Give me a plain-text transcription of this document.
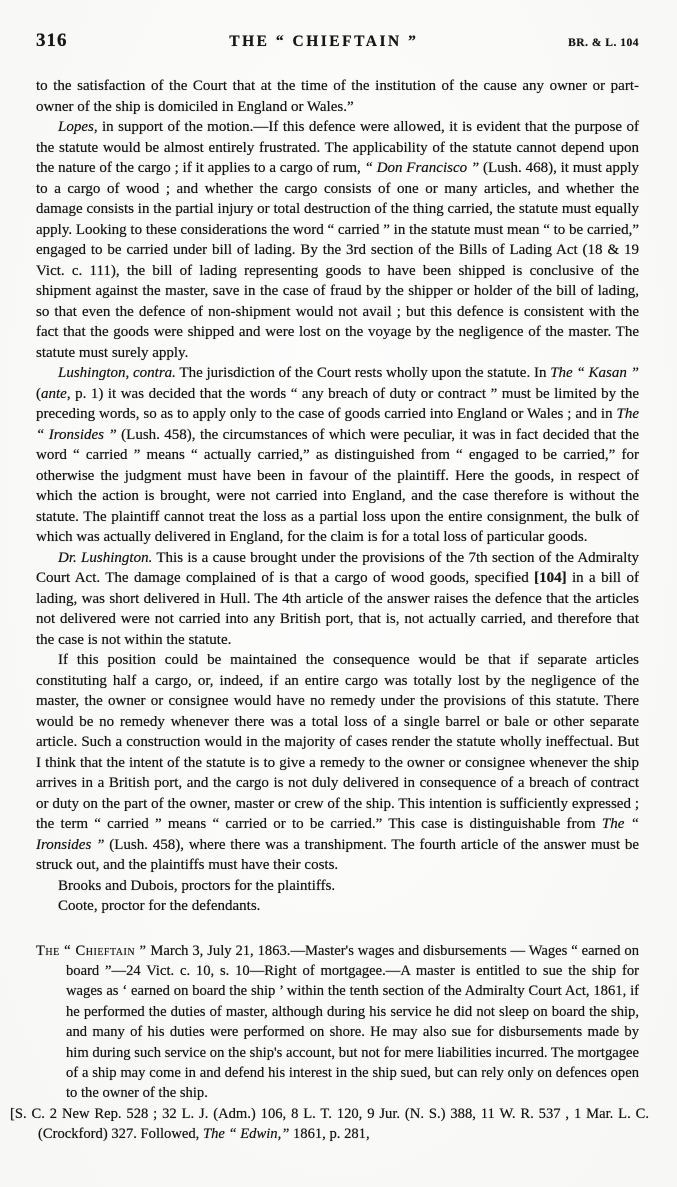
316	THE “ CHIEFTAIN ”	BR. & L. 104

to the satisfaction of the Court that at the time of the institution of the cause any owner or part-owner of the ship is domiciled in England or Wales.”

Lopes, in support of the motion.—If this defence were allowed, it is evident that the purpose of the statute would be almost entirely frustrated. The applicability of the statute cannot depend upon the nature of the cargo ; if it applies to a cargo of rum, “ Don Francisco ” (Lush. 468), it must apply to a cargo of wood ; and whether the cargo consists of one or many articles, and whether the damage consists in the partial injury or total destruction of the thing carried, the statute must equally apply. Looking to these considerations the word “ carried ” in the statute must mean “ to be carried,” engaged to be carried under bill of lading. By the 3rd section of the Bills of Lading Act (18 & 19 Vict. c. 111), the bill of lading representing goods to have been shipped is conclusive of the shipment against the master, save in the case of fraud by the shipper or holder of the bill of lading, so that even the defence of non-shipment would not avail ; but this defence is consistent with the fact that the goods were shipped and were lost on the voyage by the negligence of the master. The statute must surely apply.

Lushington, contra. The jurisdiction of the Court rests wholly upon the statute. In The “ Kasan ” (ante, p. 1) it was decided that the words “ any breach of duty or contract ” must be limited by the preceding words, so as to apply only to the case of goods carried into England or Wales ; and in The “ Ironsides ” (Lush. 458), the circumstances of which were peculiar, it was in fact decided that the word “ carried ” means “ actually carried,” as distinguished from “ engaged to be carried,” for otherwise the judgment must have been in favour of the plaintiff. Here the goods, in respect of which the action is brought, were not carried into England, and the case therefore is without the statute. The plaintiff cannot treat the loss as a partial loss upon the entire consignment, the bulk of which was actually delivered in England, for the claim is for a total loss of particular goods.

Dr. Lushington. This is a cause brought under the provisions of the 7th section of the Admiralty Court Act. The damage complained of is that a cargo of wood goods, specified [104] in a bill of lading, was short delivered in Hull. The 4th article of the answer raises the defence that the articles not delivered were not carried into any British port, that is, not actually carried, and therefore that the case is not within the statute.

If this position could be maintained the consequence would be that if separate articles constituting half a cargo, or, indeed, if an entire cargo was totally lost by the negligence of the master, the owner or consignee would have no remedy under the provisions of this statute. There would be no remedy whenever there was a total loss of a single barrel or bale or other separate article. Such a construction would in the majority of cases render the statute wholly ineffectual. But I think that the intent of the statute is to give a remedy to the owner or consignee whenever the ship arrives in a British port, and the cargo is not duly delivered in consequence of a breach of contract or duty on the part of the owner, master or crew of the ship. This intention is sufficiently expressed ; the term “ carried ” means “ carried or to be carried.” This case is distinguishable from The “ Ironsides ” (Lush. 458), where there was a transhipment. The fourth article of the answer must be struck out, and the plaintiffs must have their costs.

Brooks and Dubois, proctors for the plaintiffs.

Coote, proctor for the defendants.

The “ Chieftain ” March 3, July 21, 1863.—Master's wages and disbursements — Wages “ earned on board ”—24 Vict. c. 10, s. 10—Right of mortgagee.—A master is entitled to sue the ship for wages as ‘ earned on board the ship ’ within the tenth section of the Admiralty Court Act, 1861, if he performed the duties of master, although during his service he did not sleep on board the ship, and many of his duties were performed on shore. He may also sue for disbursements made by him during such service on the ship's account, but not for mere liabilities incurred. The mortgagee of a ship may come in and defend his interest in the ship sued, but can rely only on defences open to the owner of the ship.

[S. C. 2 New Rep. 528 ; 32 L. J. (Adm.) 106, 8 L. T. 120, 9 Jur. (N. S.) 388, 11 W. R. 537 , 1 Mar. L. C. (Crockford) 327. Followed, The “ Edwin,” 1861, p. 281,
